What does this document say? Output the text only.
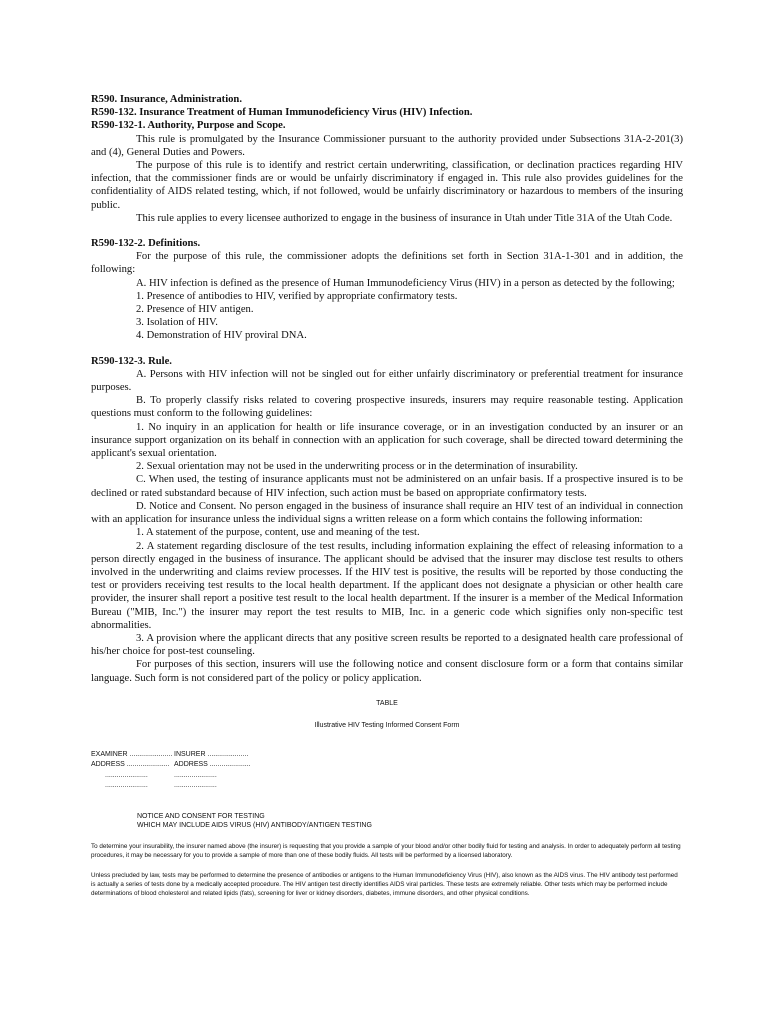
R590. Insurance, Administration.

R590-132. Insurance Treatment of Human Immunodeficiency Virus (HIV) Infection.

R590-132-1. Authority, Purpose and Scope.

This rule is promulgated by the Insurance Commissioner pursuant to the authority provided under Subsections 31A-2-201(3) and (4), General Duties and Powers.

The purpose of this rule is to identify and restrict certain underwriting, classification, or declination practices regarding HIV infection, that the commissioner finds are or would be unfairly discriminatory if engaged in. This rule also provides guidelines for the confidentiality of AIDS related testing, which, if not followed, would be unfairly discriminatory or hazardous to members of the insuring public.

This rule applies to every licensee authorized to engage in the business of insurance in Utah under Title 31A of the Utah Code.

R590-132-2. Definitions.

For the purpose of this rule, the commissioner adopts the definitions set forth in Section 31A-1-301 and in addition, the following:

A. HIV infection is defined as the presence of Human Immunodeficiency Virus (HIV) in a person as detected by the following;

1. Presence of antibodies to HIV, verified by appropriate confirmatory tests.

2. Presence of HIV antigen.

3. Isolation of HIV.

4. Demonstration of HIV proviral DNA.

R590-132-3. Rule.

A. Persons with HIV infection will not be singled out for either unfairly discriminatory or preferential treatment for insurance purposes.

B. To properly classify risks related to covering prospective insureds, insurers may require reasonable testing. Application questions must conform to the following guidelines:

1. No inquiry in an application for health or life insurance coverage, or in an investigation conducted by an insurer or an insurance support organization on its behalf in connection with an application for such coverage, shall be directed toward determining the applicant's sexual orientation.

2. Sexual orientation may not be used in the underwriting process or in the determination of insurability.

C. When used, the testing of insurance applicants must not be administered on an unfair basis. If a prospective insured is to be declined or rated substandard because of HIV infection, such action must be based on appropriate confirmatory tests.

D. Notice and Consent. No person engaged in the business of insurance shall require an HIV test of an individual in connection with an application for insurance unless the individual signs a written release on a form which contains the following information:

1. A statement of the purpose, content, use and meaning of the test.

2. A statement regarding disclosure of the test results, including information explaining the effect of releasing information to a person directly engaged in the business of insurance. The applicant should be advised that the insurer may disclose test results to others involved in the underwriting and claims review processes. If the HIV test is positive, the results will be reported by those conducting the test or providers receiving test results to the local health department. If the applicant does not designate a physician or other health care provider, the insurer shall report a positive test result to the local health department. If the insurer is a member of the Medical Information Bureau ("MIB, Inc.") the insurer may report the test results to MIB, Inc. in a generic code which signifies only non-specific test abnormalities.

3. A provision where the applicant directs that any positive screen results be reported to a designated health care professional of his/her choice for post-test counseling.

For purposes of this section, insurers will use the following notice and consent disclosure form or a form that contains similar language. Such form is not considered part of the policy or policy application.

TABLE

Illustrative HIV Testing Informed Consent Form

EXAMINER ...................... INSURER .....................
ADDRESS ...................... ADDRESS .....................
......................	......................
......................	......................
NOTICE AND CONSENT FOR TESTING
WHICH MAY INCLUDE AIDS VIRUS (HIV) ANTIBODY/ANTIGEN TESTING

To determine your insurability, the insurer named above (the insurer) is requesting that you provide a sample of your blood and/or other bodily fluid for testing and analysis. In order to adequately perform all testing procedures, it may be necessary for you to provide a sample of more than one of these bodily fluids. All tests will be performed by a licensed laboratory.

Unless precluded by law, tests may be performed to determine the presence of antibodies or antigens to the Human Immunodeficiency Virus (HIV), also known as the AIDS virus. The HIV antibody test performed is actually a series of tests done by a medically accepted procedure. The HIV antigen test directly identifies AIDS viral particles. These tests are extremely reliable. Other tests which may be performed include determinations of blood cholesterol and related lipids (fats), screening for liver or kidney disorders, diabetes, immune disorders, and other physical conditions.
